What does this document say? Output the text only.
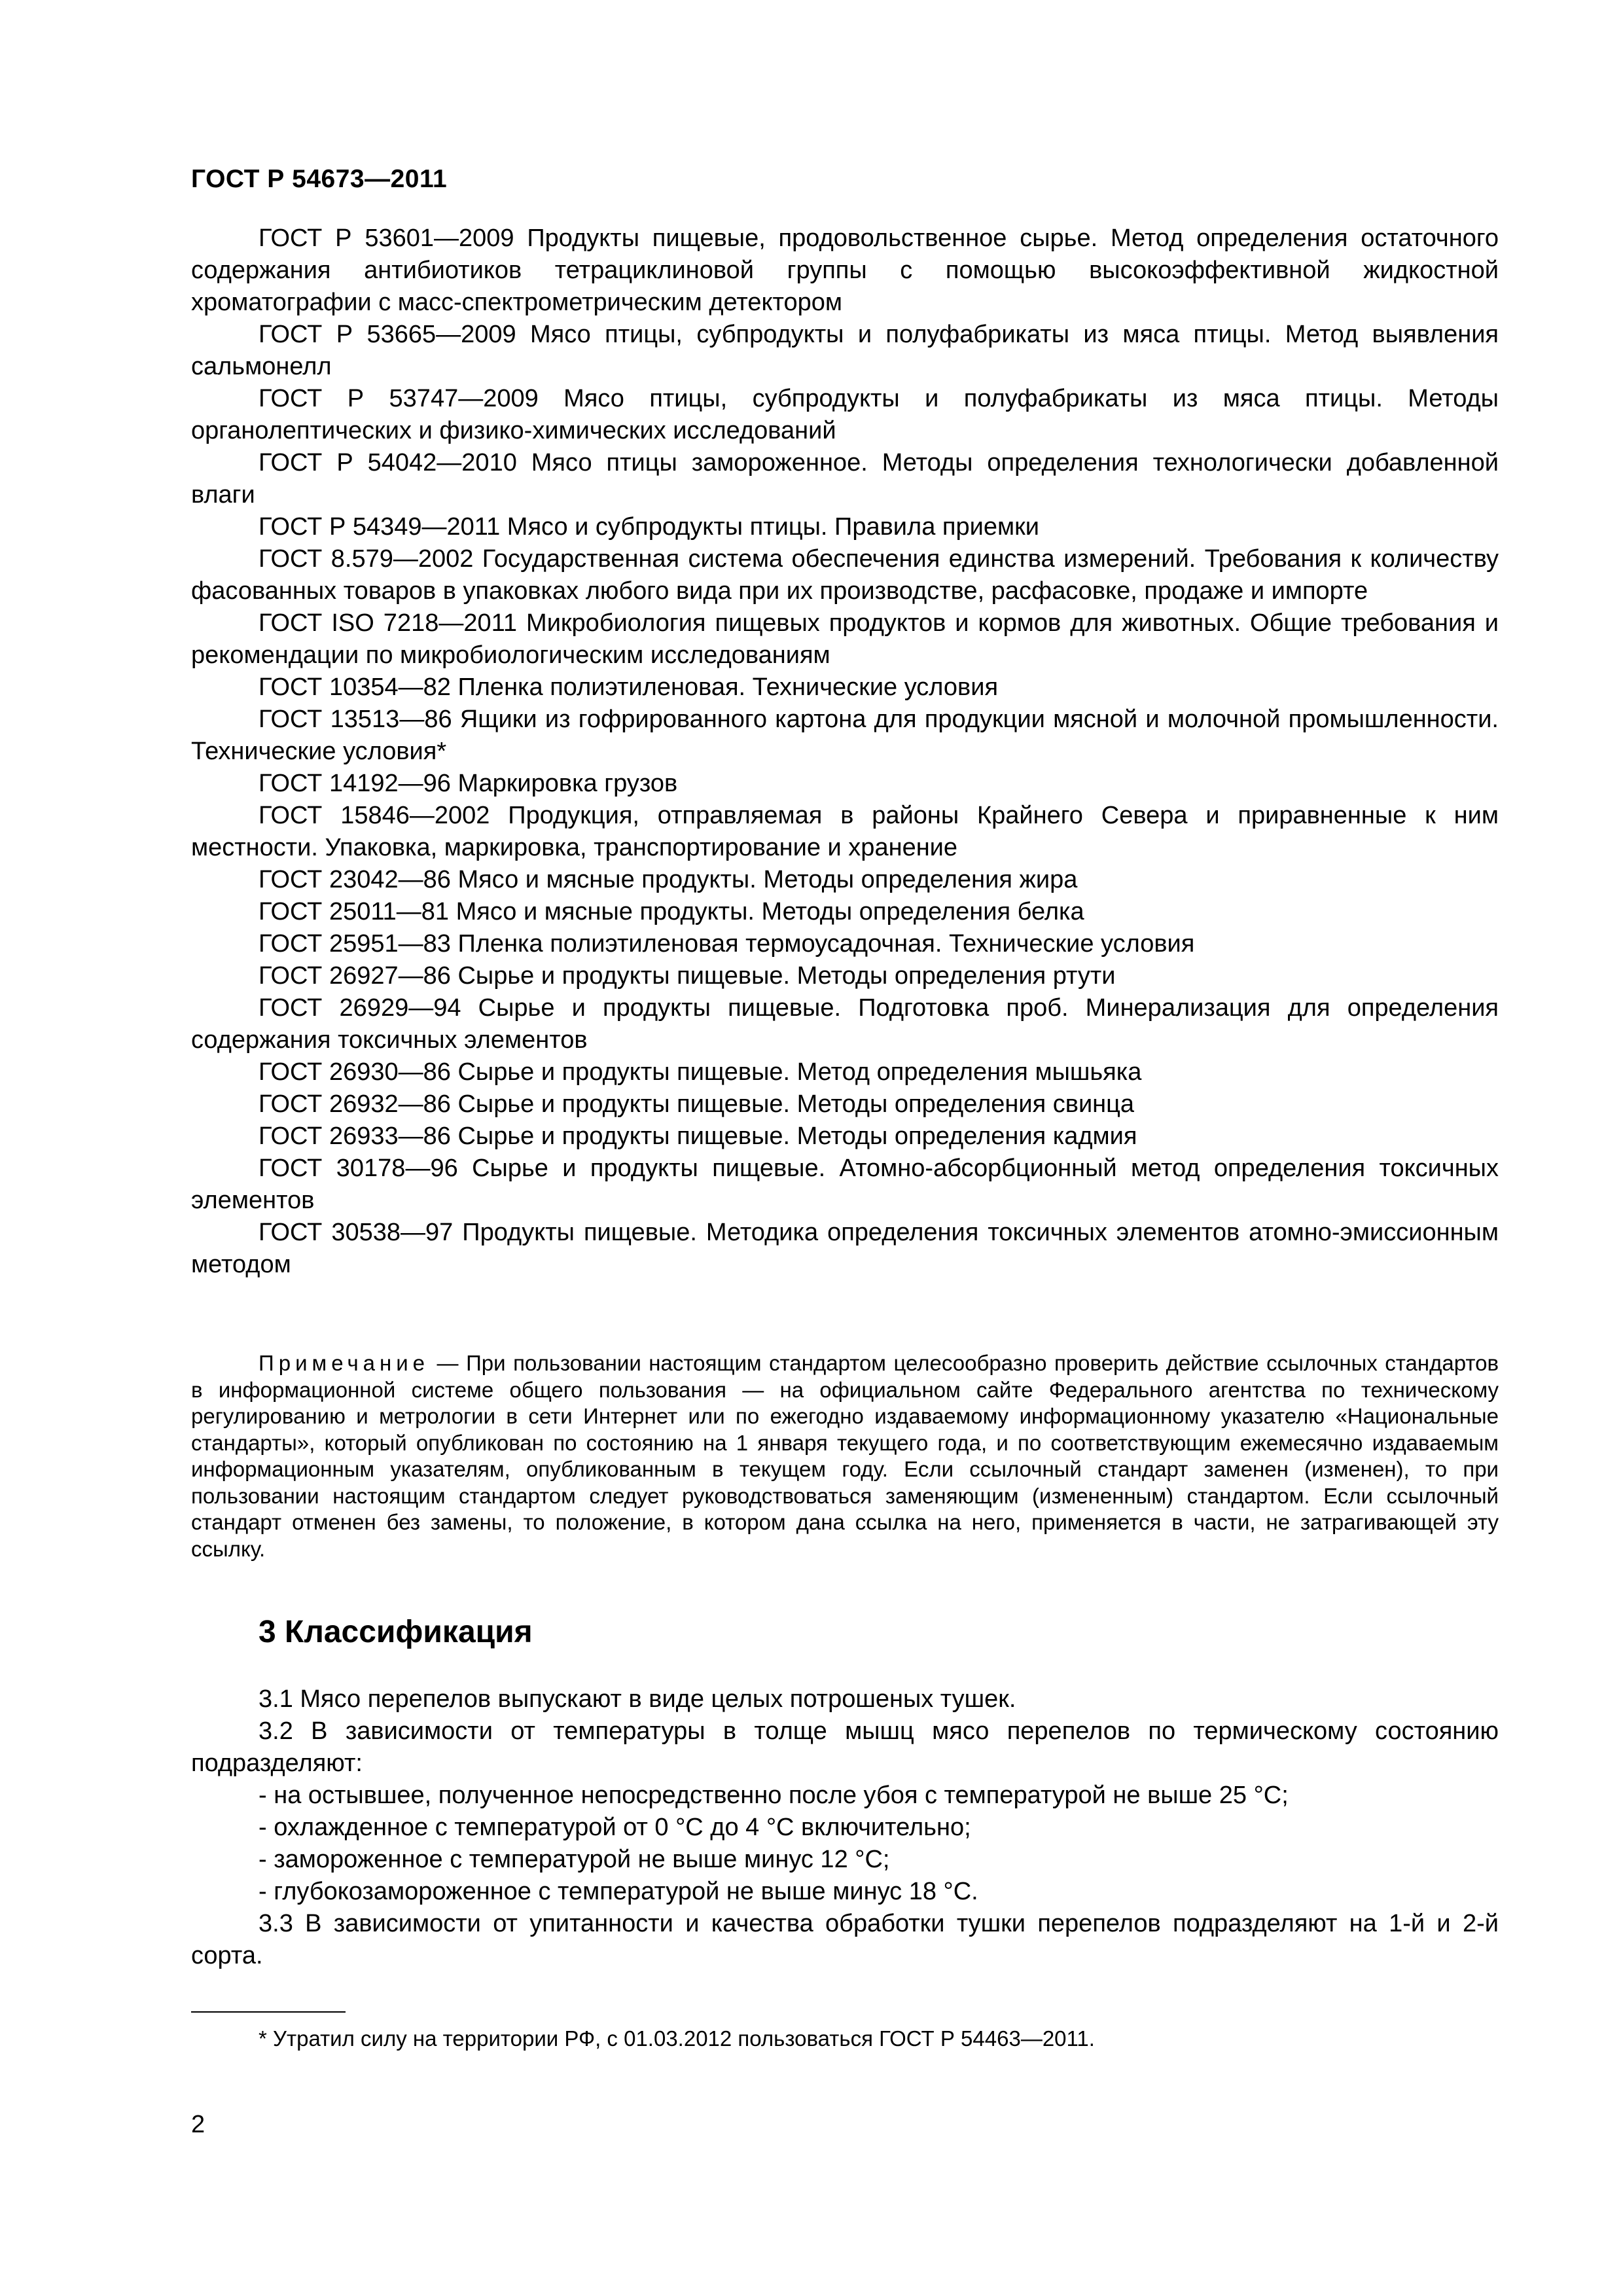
ГОСТ Р 54673—2011

ГОСТ Р 53601—2009 Продукты пищевые, продовольственное сырье. Метод определения остаточного содержания антибиотиков тетрациклиновой группы с помощью высокоэффективной жидкостной хроматографии с масс-спектрометрическим детектором

ГОСТ Р 53665—2009 Мясо птицы, субпродукты и полуфабрикаты из мяса птицы. Метод выявления сальмонелл

ГОСТ Р 53747—2009 Мясо птицы, субпродукты и полуфабрикаты из мяса птицы. Методы органолептических и физико-химических исследований

ГОСТ Р 54042—2010 Мясо птицы замороженное. Методы определения технологически добавленной влаги

ГОСТ Р 54349—2011 Мясо и субпродукты птицы. Правила приемки

ГОСТ 8.579—2002 Государственная система обеспечения единства измерений. Требования к количеству фасованных товаров в упаковках любого вида при их производстве, расфасовке, продаже и импорте

ГОСТ ISO 7218—2011 Микробиология пищевых продуктов и кормов для животных. Общие требования и рекомендации по микробиологическим исследованиям

ГОСТ 10354—82 Пленка полиэтиленовая. Технические условия

ГОСТ 13513—86 Ящики из гофрированного картона для продукции мясной и молочной промышленности. Технические условия*

ГОСТ 14192—96 Маркировка грузов

ГОСТ 15846—2002 Продукция, отправляемая в районы Крайнего Севера и приравненные к ним местности. Упаковка, маркировка, транспортирование и хранение

ГОСТ 23042—86 Мясо и мясные продукты. Методы определения жира

ГОСТ 25011—81 Мясо и мясные продукты. Методы определения белка

ГОСТ 25951—83 Пленка полиэтиленовая термоусадочная. Технические условия

ГОСТ 26927—86 Сырье и продукты пищевые. Методы определения ртути

ГОСТ 26929—94 Сырье и продукты пищевые. Подготовка проб. Минерализация для определения содержания токсичных элементов

ГОСТ 26930—86 Сырье и продукты пищевые. Метод определения мышьяка

ГОСТ 26932—86 Сырье и продукты пищевые. Методы определения свинца

ГОСТ 26933—86 Сырье и продукты пищевые. Методы определения кадмия

ГОСТ 30178—96 Сырье и продукты пищевые. Атомно-абсорбционный метод определения токсичных элементов

ГОСТ 30538—97 Продукты пищевые. Методика определения токсичных элементов атомно-эмиссионным методом

Примечание — При пользовании настоящим стандартом целесообразно проверить действие ссылочных стандартов в информационной системе общего пользования — на официальном сайте Федерального агентства по техническому регулированию и метрологии в сети Интернет или по ежегодно издаваемому информационному указателю «Национальные стандарты», который опубликован по состоянию на 1 января текущего года, и по соответствующим ежемесячно издаваемым информационным указателям, опубликованным в текущем году. Если ссылочный стандарт заменен (изменен), то при пользовании настоящим стандартом следует руководствоваться заменяющим (измененным) стандартом. Если ссылочный стандарт отменен без замены, то положение, в котором дана ссылка на него, применяется в части, не затрагивающей эту ссылку.
3 Классификация

3.1 Мясо перепелов выпускают в виде целых потрошеных тушек.

3.2 В зависимости от температуры в толще мышц мясо перепелов по термическому состоянию подразделяют:

- на остывшее, полученное непосредственно после убоя с температурой не выше 25 °С;

- охлажденное с температурой от 0 °С до 4 °С включительно;

- замороженное с температурой не выше минус 12 °С;

- глубокозамороженное с температурой не выше минус 18 °С.

3.3 В зависимости от упитанности и качества обработки тушки перепелов подразделяют на 1-й и 2-й сорта.

* Утратил силу на территории РФ, с 01.03.2012 пользоваться ГОСТ Р 54463—2011.
2
